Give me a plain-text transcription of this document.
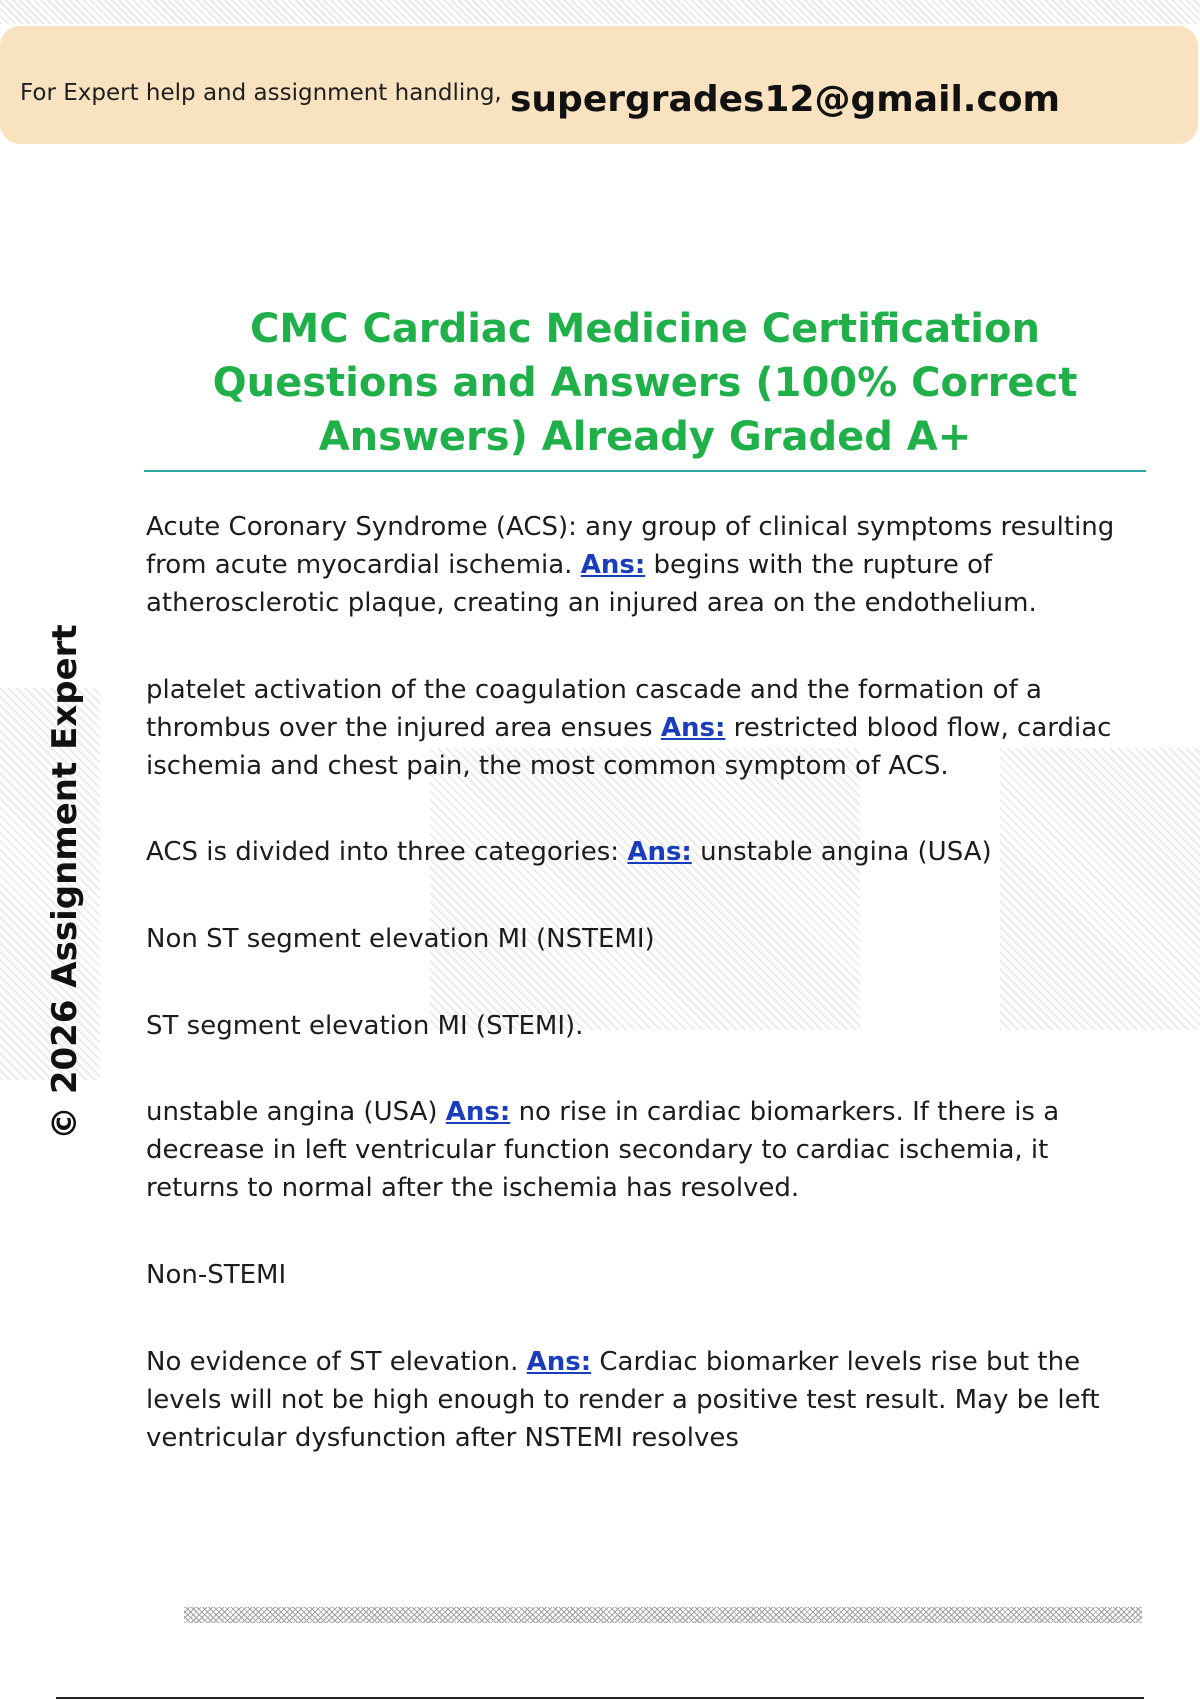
For Expert help and assignment handling, supergrades12@gmail.com
CMC Cardiac Medicine Certification
Questions and Answers (100% Correct
Answers) Already Graded A+
© 2026 Assignment Expert
Acute Coronary Syndrome (ACS): any group of clinical symptoms resulting from acute myocardial ischemia. Ans: begins with the rupture of atherosclerotic plaque, creating an injured area on the endothelium.
platelet activation of the coagulation cascade and the formation of a thrombus over the injured area ensues Ans: restricted blood flow, cardiac ischemia and chest pain, the most common symptom of ACS.
ACS is divided into three categories: Ans: unstable angina (USA)
Non ST segment elevation MI (NSTEMI)
ST segment elevation MI (STEMI).
unstable angina (USA) Ans: no rise in cardiac biomarkers. If there is a decrease in left ventricular function secondary to cardiac ischemia, it returns to normal after the ischemia has resolved.
Non-STEMI
No evidence of ST elevation. Ans: Cardiac biomarker levels rise but the levels will not be high enough to render a positive test result. May be left ventricular dysfunction after NSTEMI resolves
